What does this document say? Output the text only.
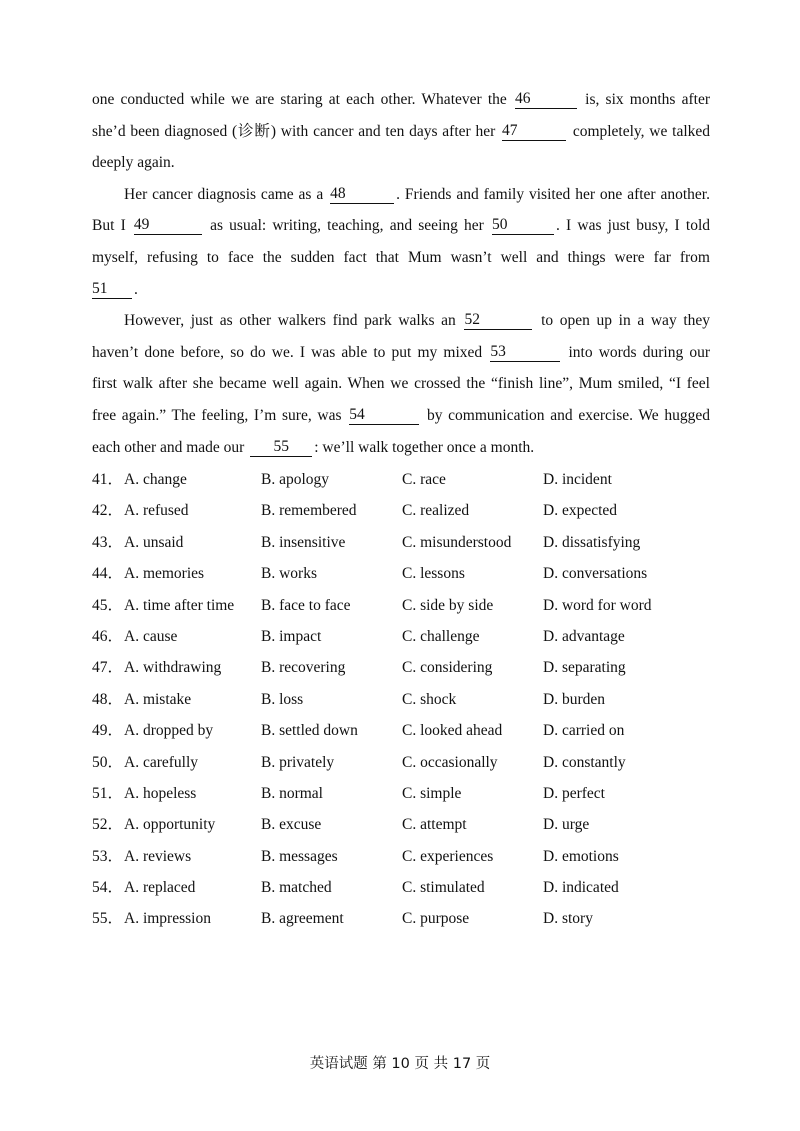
one conducted while we are staring at each other. Whatever the 46	is, six months after
she’d been diagnosed (诊断) with cancer and ten days after her 47	completely, we talked
deeply again.
Her cancer diagnosis came as a 48	. Friends and family visited her one after another.
But I 49	as usual: writing, teaching, and seeing her 50	. I was just busy, I told
myself, refusing to face the sudden fact that Mum wasn’t well and things were far from
51 .
However, just as other walkers find park walks an 52	to open up in a way they
haven’t done before, so do we. I was able to put my mixed 53	into words during our
first walk after she became well again. When we crossed the “finish line”, Mum smiled, “I feel
free again.” The feeling, I’m sure, was 54	by communication and exercise. We hugged
each other and made our 55 : we’ll walk together once a month.
41． A. change	B. apology	C. race	D. incident
42． A. refused	B. remembered	C. realized	D. expected
43． A. unsaid	B. insensitive	C. misunderstood D. dissatisfying
44． A. memories	B. works	C. lessons	D. conversations
45． A. time after time B. face to face	C. side by side	D. word for word
46． A. cause	B. impact	C. challenge	D. advantage
47． A. withdrawing	B. recovering	C. considering	D. separating
48． A. mistake	B. loss	C. shock	D. burden
49． A. dropped by	B. settled down	C. looked ahead	D. carried on
50． A. carefully	B. privately	C. occasionally	D. constantly
51． A. hopeless	B. normal	C. simple	D. perfect
52． A. opportunity	B. excuse	C. attempt	D. urge
53． A. reviews	B. messages	C. experiences	D. emotions
54． A. replaced	B. matched	C. stimulated	D. indicated
55． A. impression	B. agreement	C. purpose	D. story
英语试题 第 10 页 共 17 页
